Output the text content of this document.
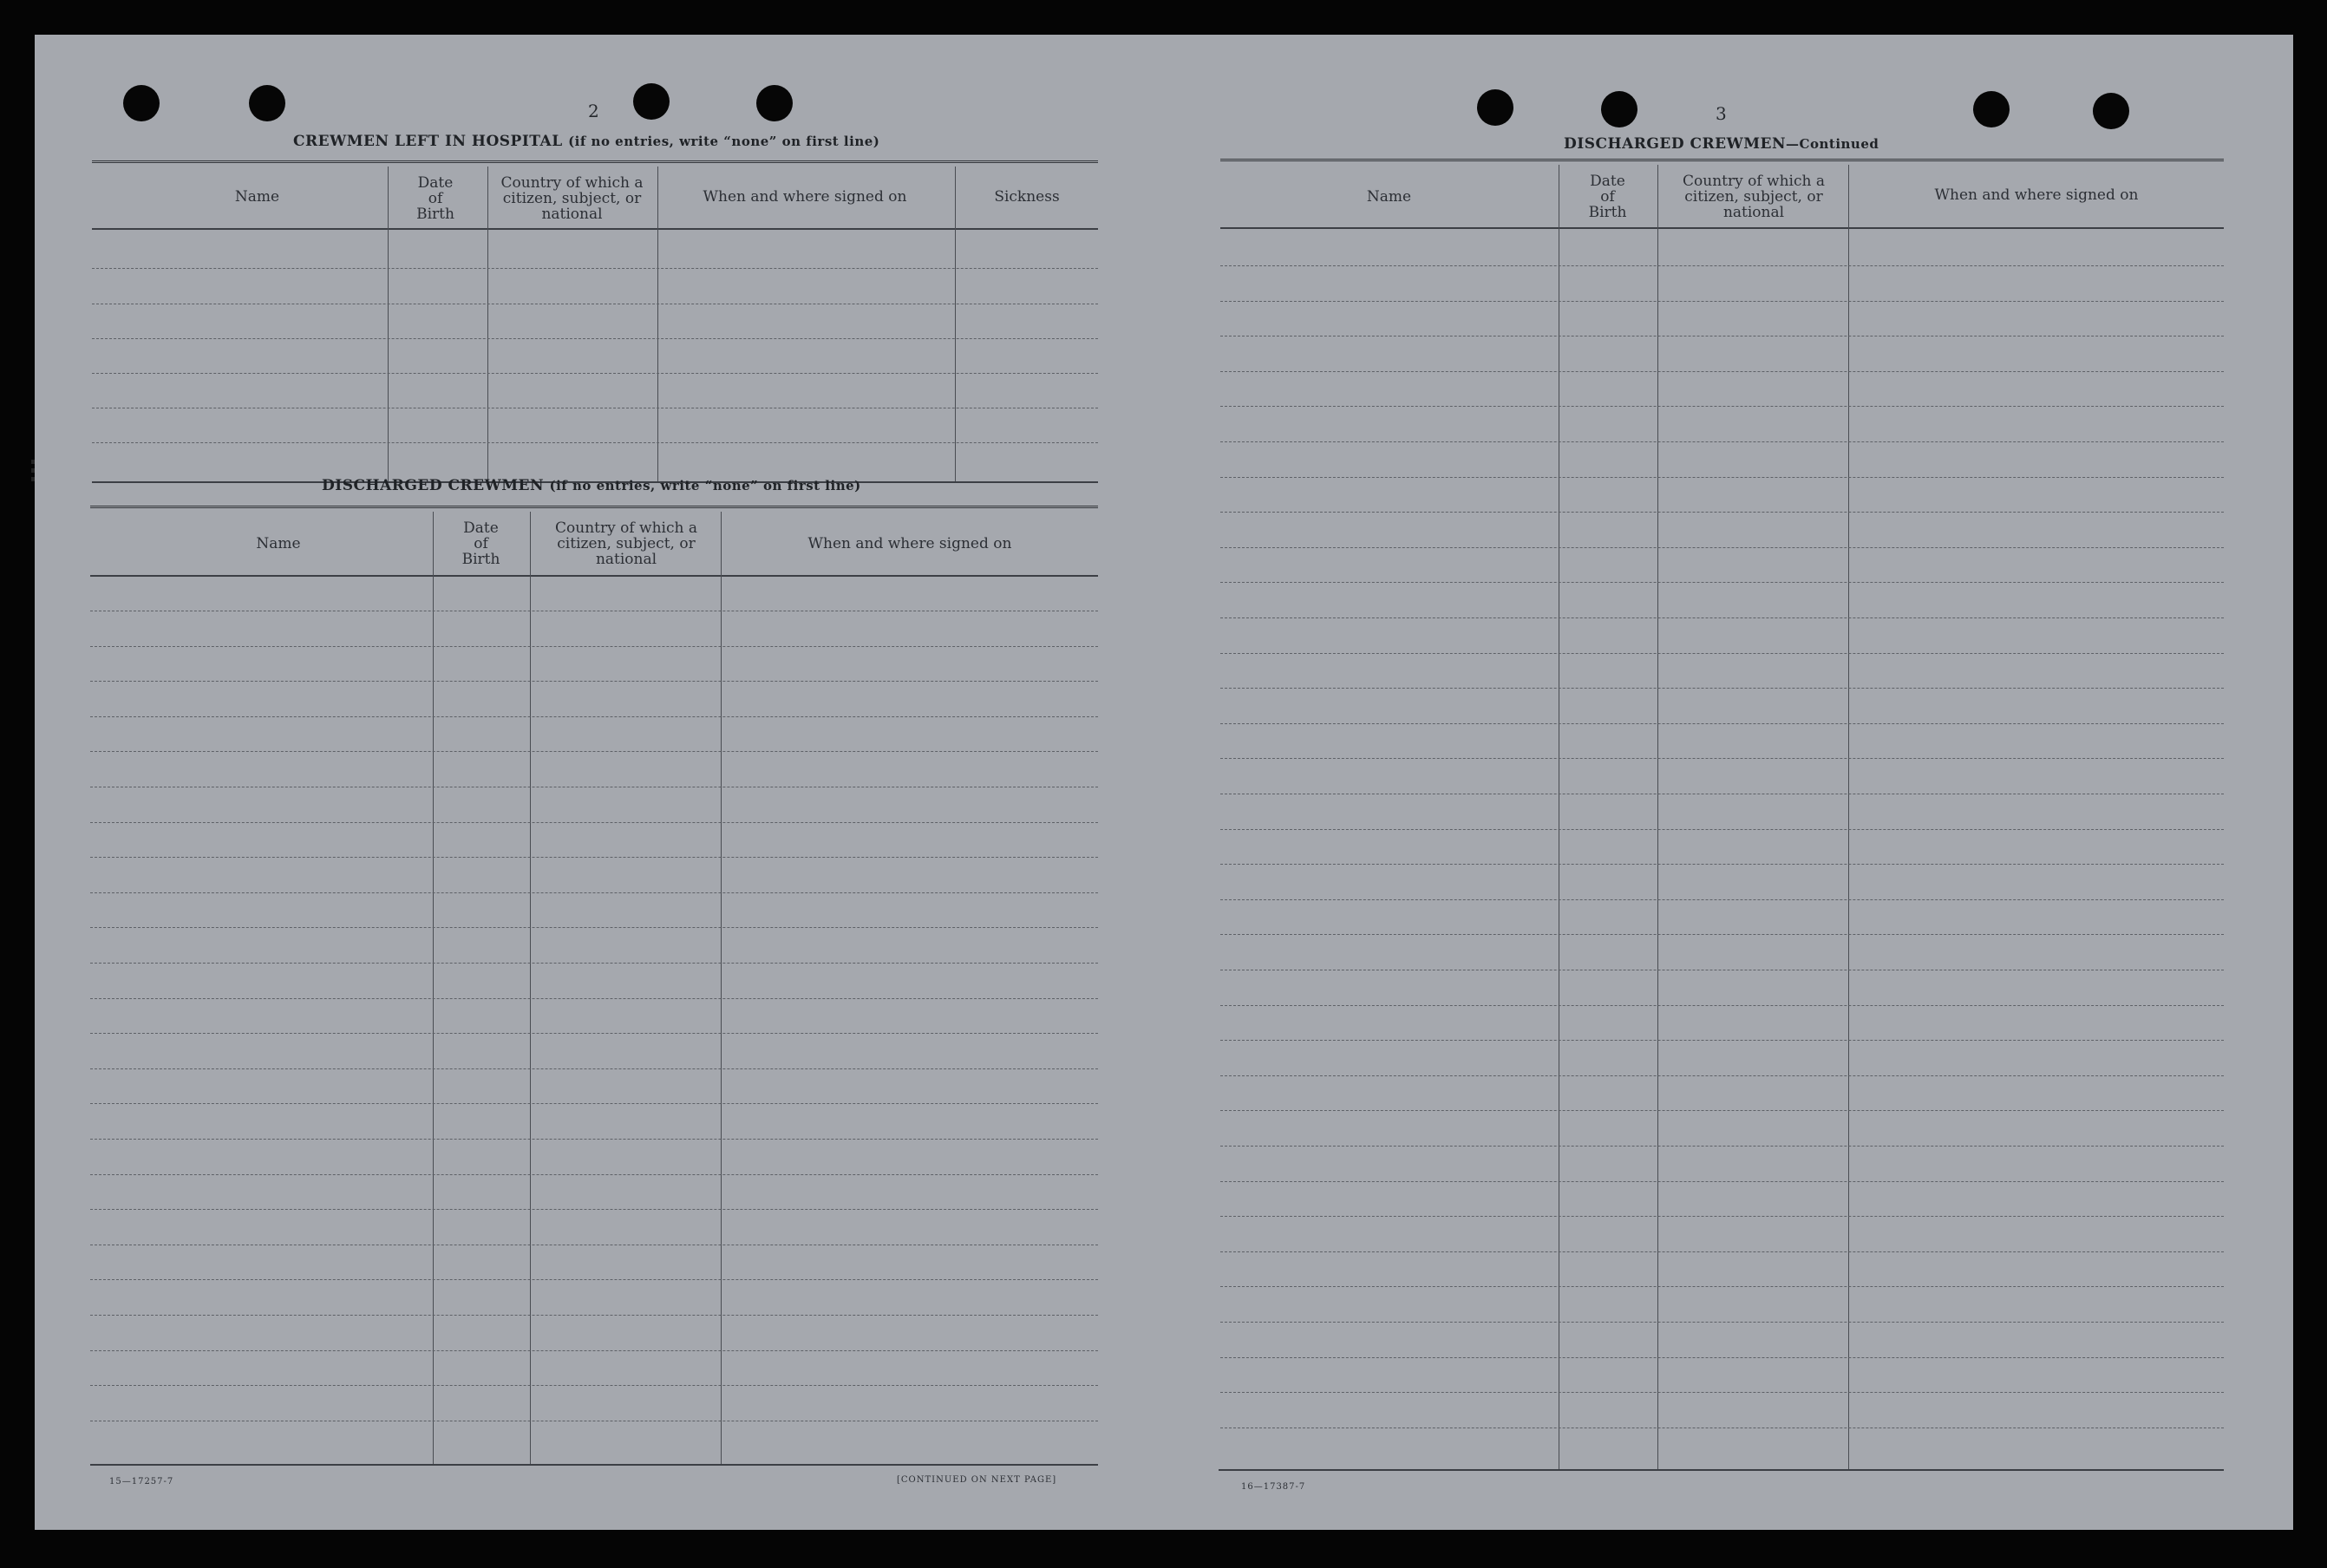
2
CREWMEN LEFT IN HOSPITAL (if no entries, write “none” on first line)
Name
Date
of
Birth
Country of which a
citizen, subject, or
national
When and where signed on	Sickness
DISCHARGED CREWMEN (if no entries, write “none” on first line)
Name
Date
of
Birth
Country of which a
citizen, subject, or
national
When and where signed on
15—17257-7	[CONTINUED ON NEXT PAGE]
3
DISCHARGED CREWMEN—Continued
Name
Date
of
Birth
Country of which a
citizen, subject, or
national
When and where signed on
16—17387-7
